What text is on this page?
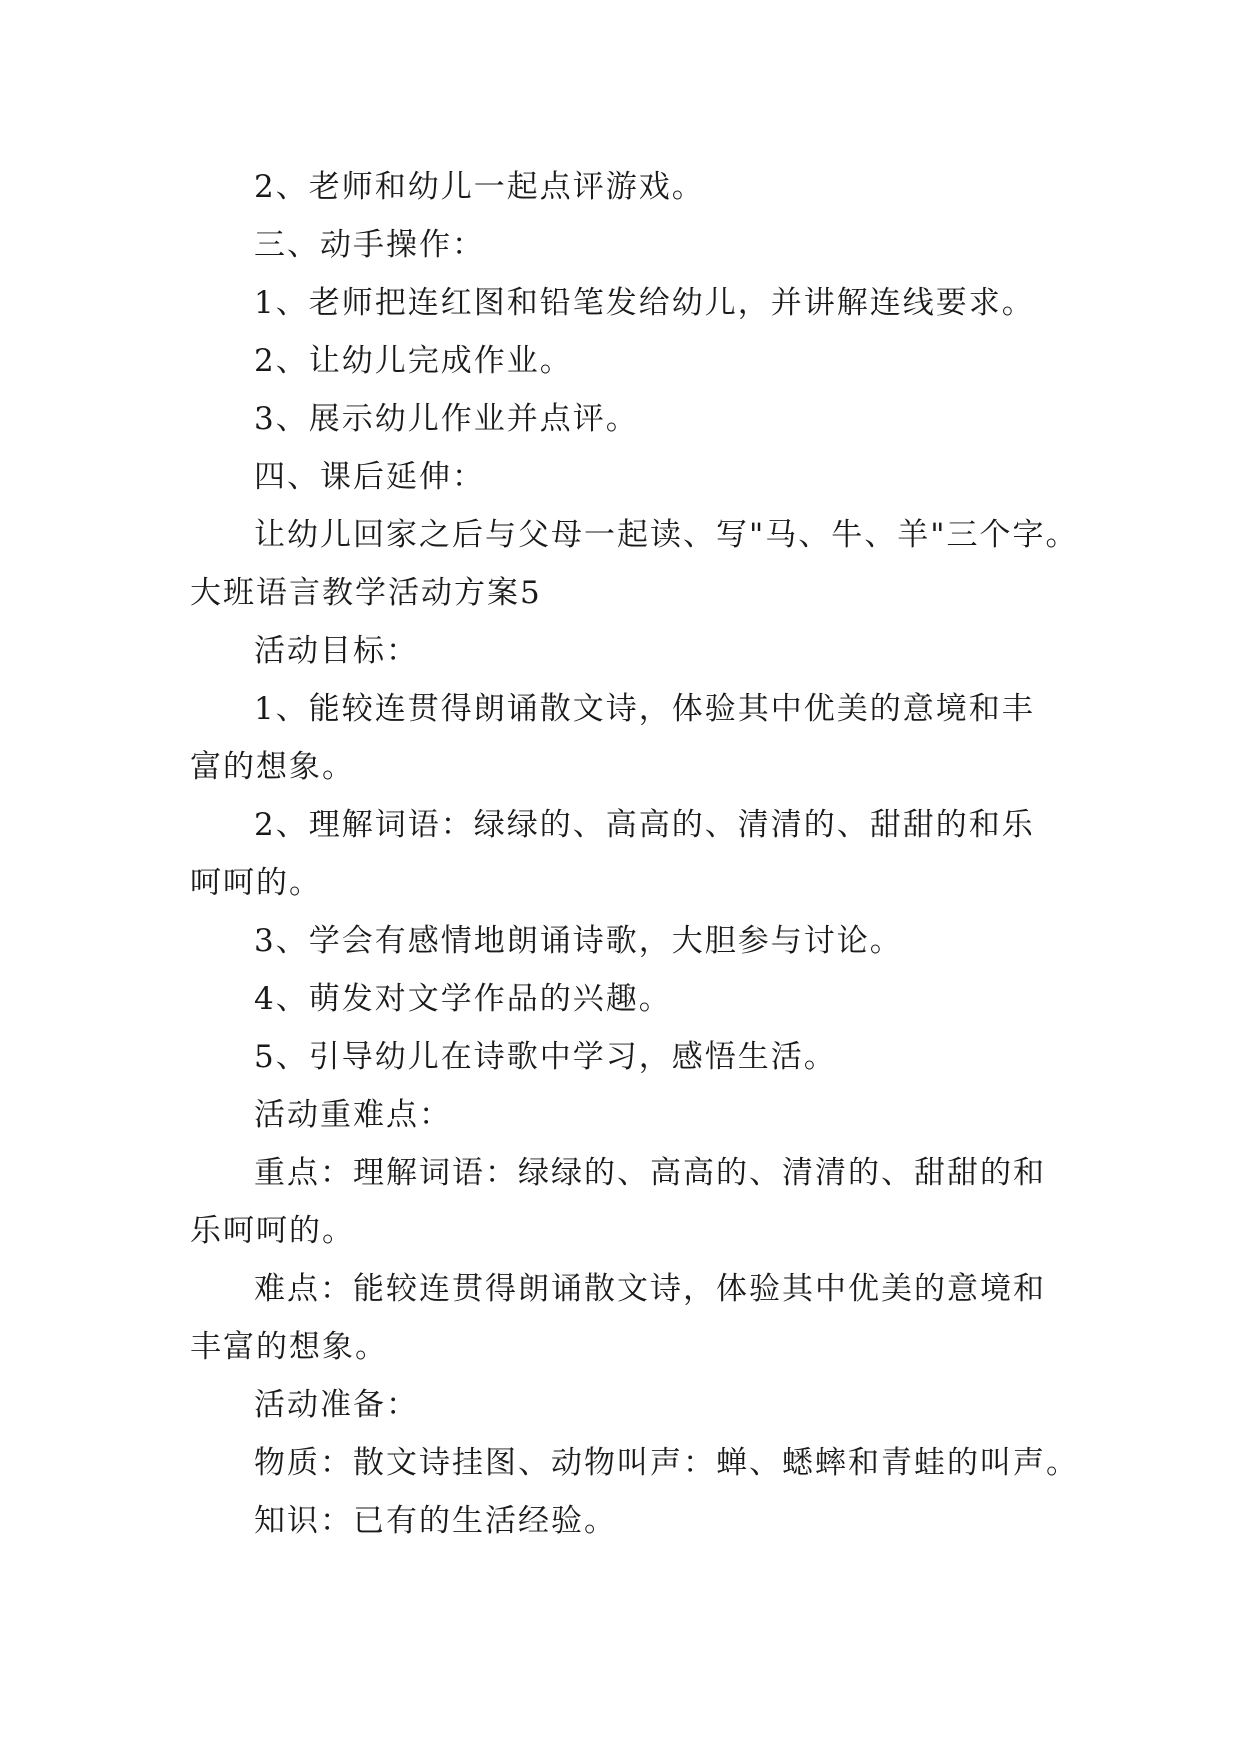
2、老师和幼儿一起点评游戏。
三、动手操作：
1、老师把连红图和铅笔发给幼儿，并讲解连线要求。
2、让幼儿完成作业。
3、展示幼儿作业并点评。
四、课后延伸：
让幼儿回家之后与父母一起读、写"马、牛、羊"三个字。
大班语言教学活动方案5
活动目标：
1、能较连贯得朗诵散文诗，体验其中优美的意境和丰
富的想象。
2、理解词语：绿绿的、高高的、清清的、甜甜的和乐
呵呵的。
3、学会有感情地朗诵诗歌，大胆参与讨论。
4、萌发对文学作品的兴趣。
5、引导幼儿在诗歌中学习，感悟生活。
活动重难点：
重点：理解词语：绿绿的、高高的、清清的、甜甜的和
乐呵呵的。
难点：能较连贯得朗诵散文诗，体验其中优美的意境和
丰富的想象。
活动准备：
物质：散文诗挂图、动物叫声：蝉、蟋蟀和青蛙的叫声。
知识：已有的生活经验。
